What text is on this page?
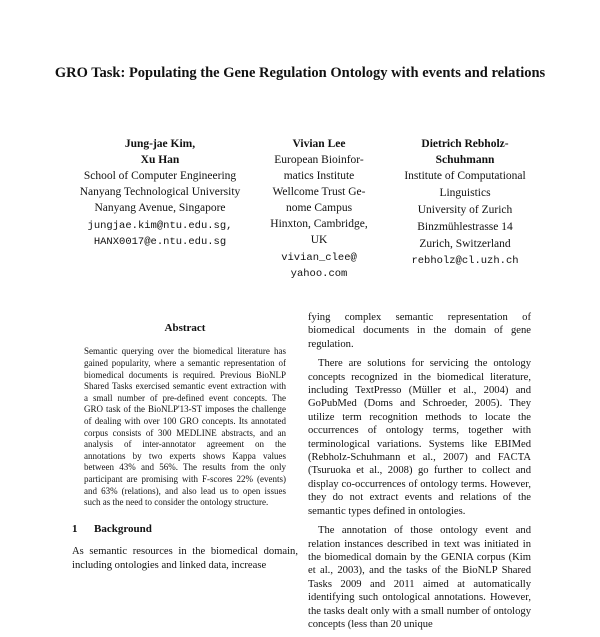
GRO Task: Populating the Gene Regulation Ontology with events and relations
Jung-jae Kim,
Xu Han
School of Computer Engineering
Nanyang Technological University
Nanyang Avenue, Singapore
jungjae.kim@ntu.edu.sg,
HANX0017@e.ntu.edu.sg
Vivian Lee
European Bioinfor-
matics Institute
Wellcome Trust Ge-
nome Campus
Hinxton, Cambridge,
UK
vivian_clee@
yahoo.com
Dietrich Rebholz-
Schuhmann
Institute of Computational
Linguistics
University of Zurich
Binzmühlestrasse 14
Zurich, Switzerland
rebholz@cl.uzh.ch
Abstract
Semantic querying over the biomedical literature has gained popularity, where a semantic representation of biomedical documents is required. Previous BioNLP Shared Tasks exercised semantic event extraction with a small number of pre-defined event concepts. The GRO task of the BioNLP'13-ST imposes the challenge of dealing with over 100 GRO concepts. Its annotated corpus consists of 300 MEDLINE abstracts, and an analysis of inter-annotator agreement on the annotations by two experts shows Kappa values between 43% and 56%. The results from the only participant are promising with F-scores 22% (events) and 63% (relations), and also lead us to open issues such as the need to consider the ontology structure.
1 Background
As semantic resources in the biomedical domain, including ontologies and linked data, increase

fying complex semantic representation of biomedical documents in the domain of gene regulation.

There are solutions for servicing the ontology concepts recognized in the biomedical literature, including TextPresso (Müller et al., 2004) and GoPubMed (Doms and Schroeder, 2005). They utilize term recognition methods to locate the occurrences of ontology terms, together with terminological variations. Systems like EBIMed (Rebholz-Schuhmann et al., 2007) and FACTA (Tsuruoka et al., 2008) go further to collect and display co-occurrences of ontology terms. However, they do not extract events and relations of the semantic types defined in ontologies.

The annotation of those ontology event and relation instances described in text was initiated in the biomedical domain by the GENIA corpus (Kim et al., 2003), and the tasks of the BioNLP Shared Tasks 2009 and 2011 aimed at automatically identifying such ontological annotations. However, the tasks dealt only with a small number of ontology concepts (less than 20 unique
